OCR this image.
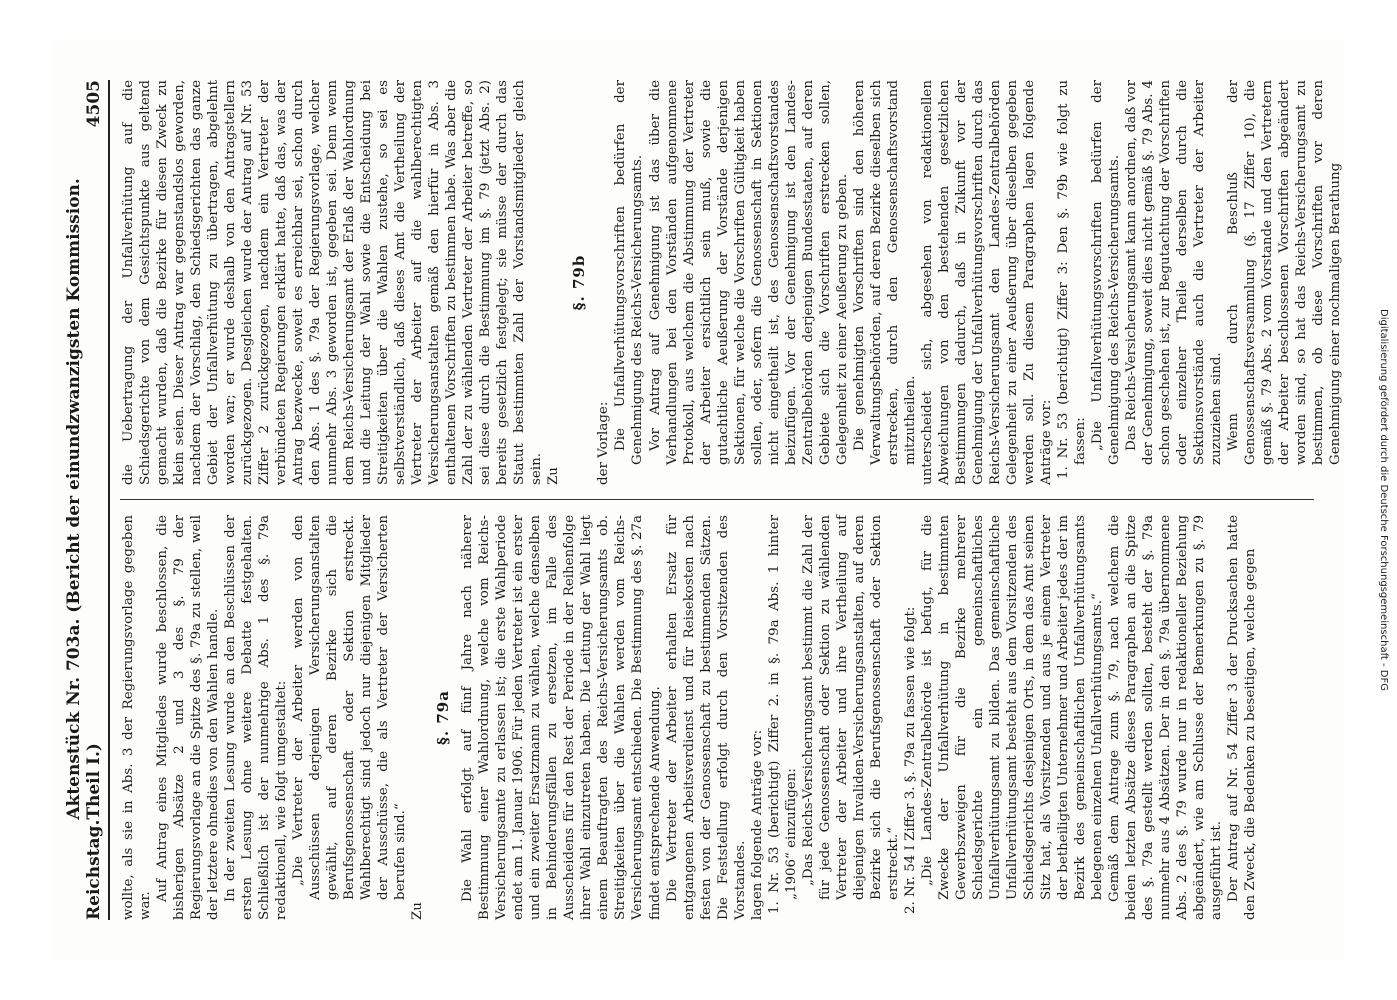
Reichstag.
Aktenstück Nr. 703a. (Bericht der einundzwanzigsten Kommission. Theil I.)
4505

wollte, als sie in Abs. 3 der Regierungsvorlage gegeben war.

Auf Antrag eines Mitgliedes wurde beschlossen, die bisherigen Absätze 2 und 3 des §. 79 der Regierungsvorlage an die Spitze des §. 79a zu stellen, weil der letztere ohnedies von den Wahlen handle. In der zweiten Lesung wurde an den Beschlüssen der ersten Lesung ohne weitere Debatte festgehalten. Schließlich ist der nunmehrige Abs. 1 des §. 79a redaktionell, wie folgt umgestaltet: „Die Vertreter der Arbeiter werden von den Ausschüssen derjenigen Versicherungsanstalten gewählt, auf deren Bezirke sich die Berufsgenossenschaft oder Sektion erstreckt. Wahlberechtigt sind jedoch nur diejenigen Mitglieder der Ausschüsse, die als Vertreter der Versicherten berufen sind.“

Zu

§. 79a Die Wahl erfolgt auf fünf Jahre nach näherer Bestimmung einer Wahlordnung, welche vom Reichs-Versicherungsamte zu erlassen ist; die erste Wahlperiode endet am 1. Januar 1906. Für jeden Vertreter ist ein erster und ein zweiter Ersatzmann zu wählen, welche denselben in Behinderungsfällen zu ersetzen, im Falle des Ausscheidens für den Rest der Periode in der Reihenfolge ihrer Wahl einzutreten haben. Die Leitung der Wahl liegt einem Beauftragten des Reichs-Versicherungsamts ob. Streitigkeiten über die Wahlen werden vom Reichs-Versicherungsamt entschieden. Die Bestimmung des §. 27a findet entsprechende Anwendung. Die Vertreter der Arbeiter erhalten Ersatz für entgangenen Arbeitsverdienst und für Reisekosten nach festen von der Genossenschaft zu bestimmenden Sätzen. Die Feststellung erfolgt durch den Vorsitzenden des Vorstandes. lagen folgende Anträge vor: 1. Nr. 53 (berichtigt) Ziffer 2. in §. 79a Abs. 1 hinter „1906“ einzufügen: „Das Reichs-Versicherungsamt bestimmt die Zahl der für jede Genossenschaft oder Sektion zu wählenden Vertreter der Arbeiter und ihre Vertheilung auf diejenigen Invaliden-Versicherungsanstalten, auf deren Bezirke sich die Berufsgenossenschaft oder Sektion erstreckt.“ 2. Nr. 54 I Ziffer 3. §. 79a zu fassen wie folgt: „Die Landes-Zentralbehörde ist befugt, für die Zwecke der Unfallverhütung in bestimmten Gewerbszweigen für die Bezirke mehrerer Schiedsgerichte ein gemeinschaftliches Unfallverhütungsamt zu bilden. Das gemeinschaftliche Unfallverhütungsamt besteht aus dem Vorsitzenden des Schiedsgerichts desjenigen Orts, in dem das Amt seinen Sitz hat, als Vorsitzenden und aus je einem Vertreter der betheiligten Unternehmer und Arbeiter jedes der im Bezirk des gemeinschaftlichen Unfallverhütungsamts belegenen einzelnen Unfallverhütungsamts.“ Gemäß dem Antrage zum §. 79, nach welchem die beiden letzten Absätze dieses Paragraphen an die Spitze des §. 79a gestellt werden sollten, besteht der §. 79a nunmehr aus 4 Absätzen. Der in den §. 79a übernommene Abs. 2 des §. 79 wurde nur in redaktioneller Beziehung abgeändert, wie am Schlusse der Bemerkungen zu §. 79 ausgeführt ist. Der Antrag auf Nr. 54 Ziffer 3 der Drucksachen hatte den Zweck, die Bedenken zu beseitigen, welche gegen

die Uebertragung der Unfallverhütung auf die Schiedsgerichte von dem Gesichtspunkte aus geltend gemacht wurden, daß die Bezirke für diesen Zweck zu klein seien. Dieser Antrag war gegenstandslos geworden, nachdem der Vorschlag, den Schiedsgerichten das ganze Gebiet der Unfallverhütung zu übertragen, abgelehnt worden war; er wurde deshalb von den Antragstellern zurückgezogen. Desgleichen wurde der Antrag auf Nr. 53 Ziffer 2 zurückgezogen, nachdem ein Vertreter der verbündeten Regierungen erklärt hatte, daß das, was der Antrag bezwecke, soweit es erreichbar sei, schon durch den Abs. 1 des §. 79a der Regierungsvorlage, welcher nunmehr Abs. 3 geworden ist, gegeben sei. Denn wenn dem Reichs-Versicherungsamt der Erlaß der Wahlordnung und die Leitung der Wahl sowie die Entscheidung bei Streitigkeiten über die Wahlen zustehe, so sei es selbstverständlich, daß dieses Amt die Vertheilung der Vertreter der Arbeiter auf die wahlberechtigten Versicherungsanstalten gemäß den hierfür in Abs. 3 enthaltenen Vorschriften zu bestimmen habe. Was aber die Zahl der zu wählenden Vertreter der Arbeiter betreffe, so sei diese durch die Bestimmung im §. 79 (jetzt Abs. 2) bereits gesetzlich festgelegt; sie müsse der durch das Statut bestimmten Zahl der Vorstandsmitglieder gleich sein. Zu

§. 79b

der Vorlage: Die Unfallverhütungsvorschriften bedürfen der Genehmigung des Reichs-Versicherungsamts. Vor Antrag auf Genehmigung ist das über die Verhandlungen bei den Vorständen aufgenommene Protokoll, aus welchem die Abstimmung der Vertreter der Arbeiter ersichtlich sein muß, sowie die gutachtliche Aeußerung der Vorstände derjenigen Sektionen, für welche die Vorschriften Gültigkeit haben sollen, oder, sofern die Genossenschaft in Sektionen nicht eingetheilt ist, des Genossenschaftsvorstandes beizufügen. Vor der Genehmigung ist den Landes-Zentralbehörden derjenigen Bundesstaaten, auf deren Gebiete sich die Vorschriften erstrecken sollen, Gelegenheit zu einer Aeußerung zu geben. Die genehmigten Vorschriften sind den höheren Verwaltungsbehörden, auf deren Bezirke dieselben sich erstrecken, durch den Genossenschaftsvorstand mitzutheilen. unterscheidet sich, abgesehen von redaktionellen Abweichungen von den bestehenden gesetzlichen Bestimmungen dadurch, daß in Zukunft vor der Genehmigung der Unfallverhütungsvorschriften durch das Reichs-Versicherungsamt den Landes-Zentralbehörden Gelegenheit zu einer Aeußerung über dieselben gegeben werden soll. Zu diesem Paragraphen lagen folgende Anträge vor: 1. Nr. 53 (berichtigt) Ziffer 3: Den §. 79b wie folgt zu fassen: „Die Unfallverhütungsvorschriften bedürfen der Genehmigung des Reichs-Versicherungsamts. Das Reichs-Versicherungsamt kann anordnen, daß vor der Genehmigung, soweit dies nicht gemäß §. 79 Abs. 4 schon geschehen ist, zur Begutachtung der Vorschriften oder einzelner Theile derselben durch die Sektionsvorstände auch die Vertreter der Arbeiter zuzuziehen sind. Wenn durch Beschluß der Genossenschaftsversammlung (§. 17 Ziffer 10), die gemäß §. 79 Abs. 2 vom Vorstande und den Vertretern der Arbeiter beschlossenen Vorschriften abgeändert worden sind, so hat das Reichs-Versicherungsamt zu bestimmen, ob diese Vorschriften vor deren Genehmigung einer nochmaligen Berathung	Digitalisierung gefördert durch die Deutsche Forschungsgemeinschaft - DFG
